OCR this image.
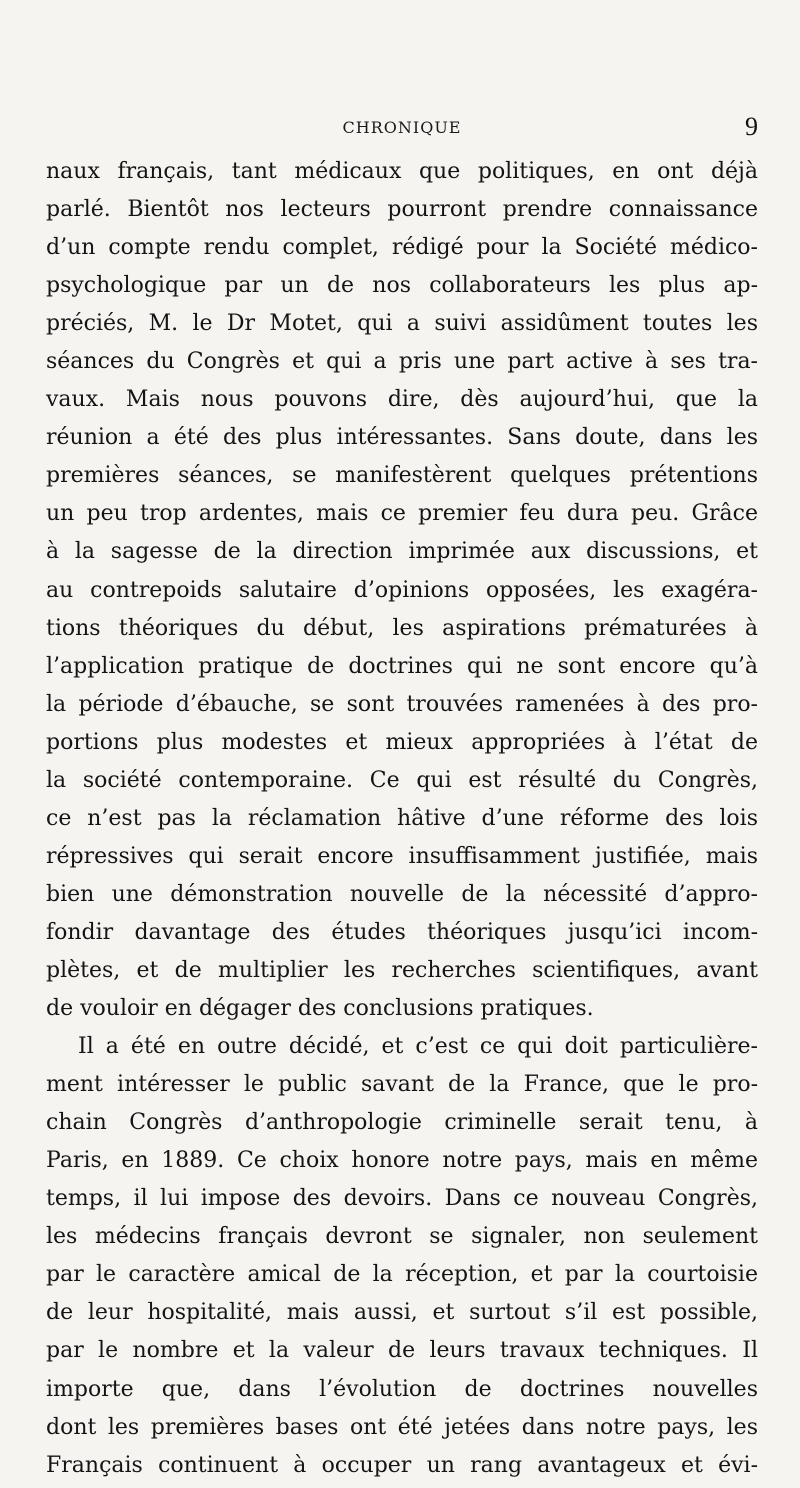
CHRONIQUE	9
naux français, tant médicaux que politiques, en ont déjà
parlé. Bientôt nos lecteurs pourront prendre connaissance
d’un compte rendu complet, rédigé pour la Société médico-
psychologique par un de nos collaborateurs les plus ap-
préciés, M. le Dr Motet, qui a suivi assidûment toutes les
séances du Congrès et qui a pris une part active à ses tra-
vaux. Mais nous pouvons dire, dès aujourd’hui, que la
réunion a été des plus intéressantes. Sans doute, dans les
premières séances, se manifestèrent quelques prétentions
un peu trop ardentes, mais ce premier feu dura peu. Grâce
à la sagesse de la direction imprimée aux discussions, et
au contrepoids salutaire d’opinions opposées, les exagéra-
tions théoriques du début, les aspirations prématurées à
l’application pratique de doctrines qui ne sont encore qu’à
la période d’ébauche, se sont trouvées ramenées à des pro-
portions plus modestes et mieux appropriées à l’état de
la société contemporaine. Ce qui est résulté du Congrès,
ce n’est pas la réclamation hâtive d’une réforme des lois
répressives qui serait encore insuffisamment justifiée, mais
bien une démonstration nouvelle de la nécessité d’appro-
fondir davantage des études théoriques jusqu’ici incom-
plètes, et de multiplier les recherches scientifiques, avant
de vouloir en dégager des conclusions pratiques.
Il a été en outre décidé, et c’est ce qui doit particulière-
ment intéresser le public savant de la France, que le pro-
chain Congrès d’anthropologie criminelle serait tenu, à
Paris, en 1889. Ce choix honore notre pays, mais en même
temps, il lui impose des devoirs. Dans ce nouveau Congrès,
les médecins français devront se signaler, non seulement
par le caractère amical de la réception, et par la courtoisie
de leur hospitalité, mais aussi, et surtout s’il est possible,
par le nombre et la valeur de leurs travaux techniques. Il
importe que, dans l’évolution de doctrines nouvelles
dont les premières bases ont été jetées dans notre pays, les
Français continuent à occuper un rang avantageux et évi-
